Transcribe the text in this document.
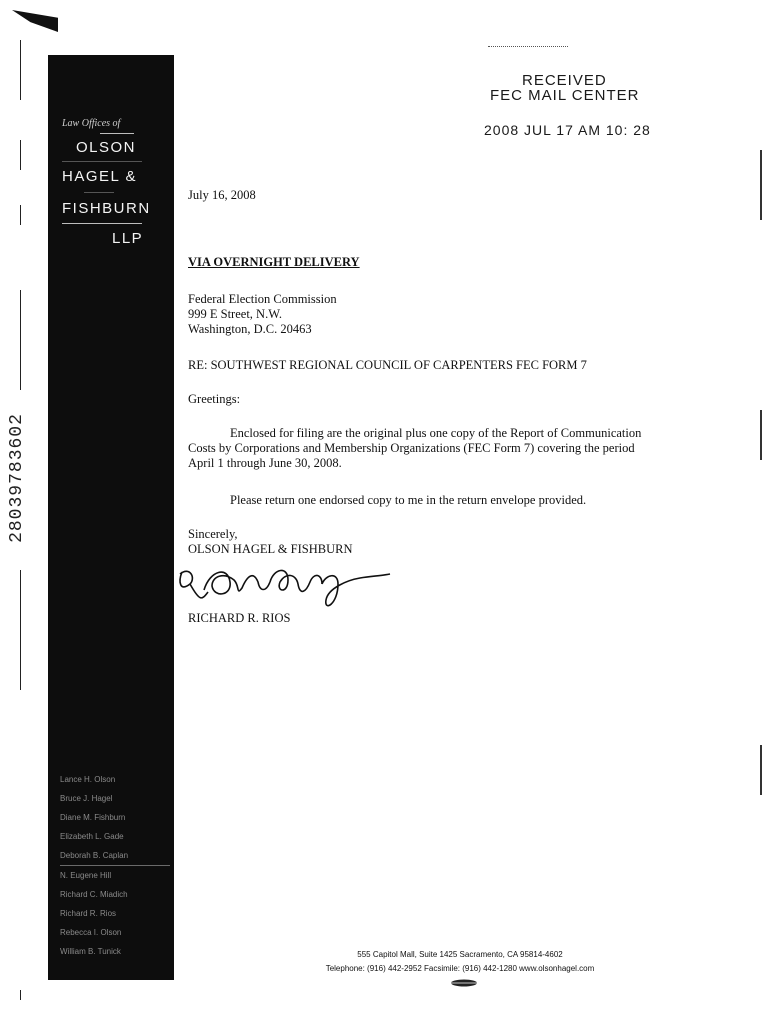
28039783602
Law Offices of
OLSON
HAGEL &
FISHBURN
LLP
Lance H. Olson
Bruce J. Hagel
Diane M. Fishburn
Elizabeth L. Gade
Deborah B. Caplan
N. Eugene Hill
Richard C. Miadich
Richard R. Rios
Rebecca I. Olson
William B. Tunick
RECEIVED
FEC MAIL CENTER
2008 JUL 17 AM 10: 28
July 16, 2008
VIA OVERNIGHT DELIVERY
Federal Election Commission
999 E Street, N.W.
Washington, D.C. 20463
RE: SOUTHWEST REGIONAL COUNCIL OF CARPENTERS FEC FORM 7
Greetings:
Enclosed for filing are the original plus one copy of the Report of Communication Costs by Corporations and Membership Organizations (FEC Form 7) covering the period April 1 through June 30, 2008.
Please return one endorsed copy to me in the return envelope provided.
Sincerely,
OLSON HAGEL & FISHBURN
RICHARD R. RIOS
555 Capitol Mall, Suite 1425 Sacramento, CA 95814-4602
Telephone: (916) 442-2952 Facsimile: (916) 442-1280 www.olsonhagel.com
